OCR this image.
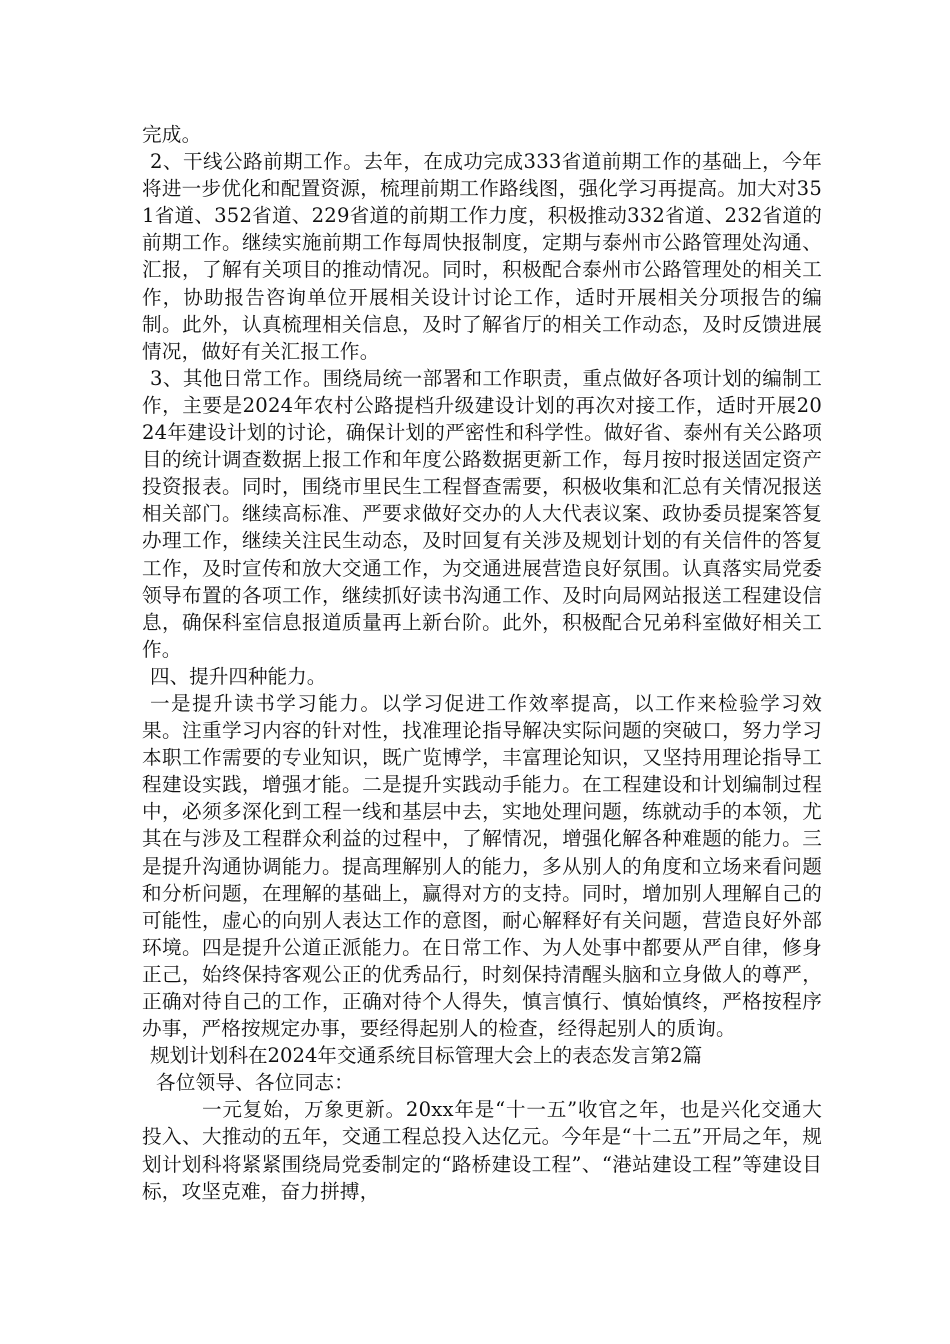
完成。

2、干线公路前期工作。去年，在成功完成333省道前期工作的基础上，今年将进一步优化和配置资源，梳理前期工作路线图，强化学习再提高。加大对351省道、352省道、229省道的前期工作力度，积极推动332省道、232省道的前期工作。继续实施前期工作每周快报制度，定期与泰州市公路管理处沟通、汇报，了解有关项目的推动情况。同时，积极配合泰州市公路管理处的相关工作，协助报告咨询单位开展相关设计讨论工作，适时开展相关分项报告的编制。此外，认真梳理相关信息，及时了解省厅的相关工作动态，及时反馈进展情况，做好有关汇报工作。

3、其他日常工作。围绕局统一部署和工作职责，重点做好各项计划的编制工作，主要是2024年农村公路提档升级建设计划的再次对接工作，适时开展2024年建设计划的讨论，确保计划的严密性和科学性。做好省、泰州有关公路项目的统计调查数据上报工作和年度公路数据更新工作，每月按时报送固定资产投资报表。同时，围绕市里民生工程督查需要，积极收集和汇总有关情况报送相关部门。继续高标准、严要求做好交办的人大代表议案、政协委员提案答复办理工作，继续关注民生动态，及时回复有关涉及规划计划的有关信件的答复工作，及时宣传和放大交通工作，为交通进展营造良好氛围。认真落实局党委领导布置的各项工作，继续抓好读书沟通工作、及时向局网站报送工程建设信息，确保科室信息报道质量再上新台阶。此外，积极配合兄弟科室做好相关工作。

四、提升四种能力。

一是提升读书学习能力。以学习促进工作效率提高，以工作来检验学习效果。注重学习内容的针对性，找准理论指导解决实际问题的突破口，努力学习本职工作需要的专业知识，既广览博学，丰富理论知识，又坚持用理论指导工程建设实践，增强才能。二是提升实践动手能力。在工程建设和计划编制过程中，必须多深化到工程一线和基层中去，实地处理问题，练就动手的本领，尤其在与涉及工程群众利益的过程中，了解情况，增强化解各种难题的能力。三是提升沟通协调能力。提高理解别人的能力，多从别人的角度和立场来看问题和分析问题，在理解的基础上，赢得对方的支持。同时，增加别人理解自己的可能性，虚心的向别人表达工作的意图，耐心解释好有关问题，营造良好外部环境。四是提升公道正派能力。在日常工作、为人处事中都要从严自律，修身正己，始终保持客观公正的优秀品行，时刻保持清醒头脑和立身做人的尊严，正确对待自己的工作，正确对待个人得失，慎言慎行、慎始慎终，严格按程序办事，严格按规定办事，要经得起别人的检查，经得起别人的质询。

规划计划科在2024年交通系统目标管理大会上的表态发言第2篇

各位领导、各位同志：

一元复始，万象更新。20xx年是“十一五”收官之年，也是兴化交通大投入、大推动的五年，交通工程总投入达亿元。今年是“十二五”开局之年，规划计划科将紧紧围绕局党委制定的“路桥建设工程”、“港站建设工程”等建设目标，攻坚克难，奋力拼搏，
